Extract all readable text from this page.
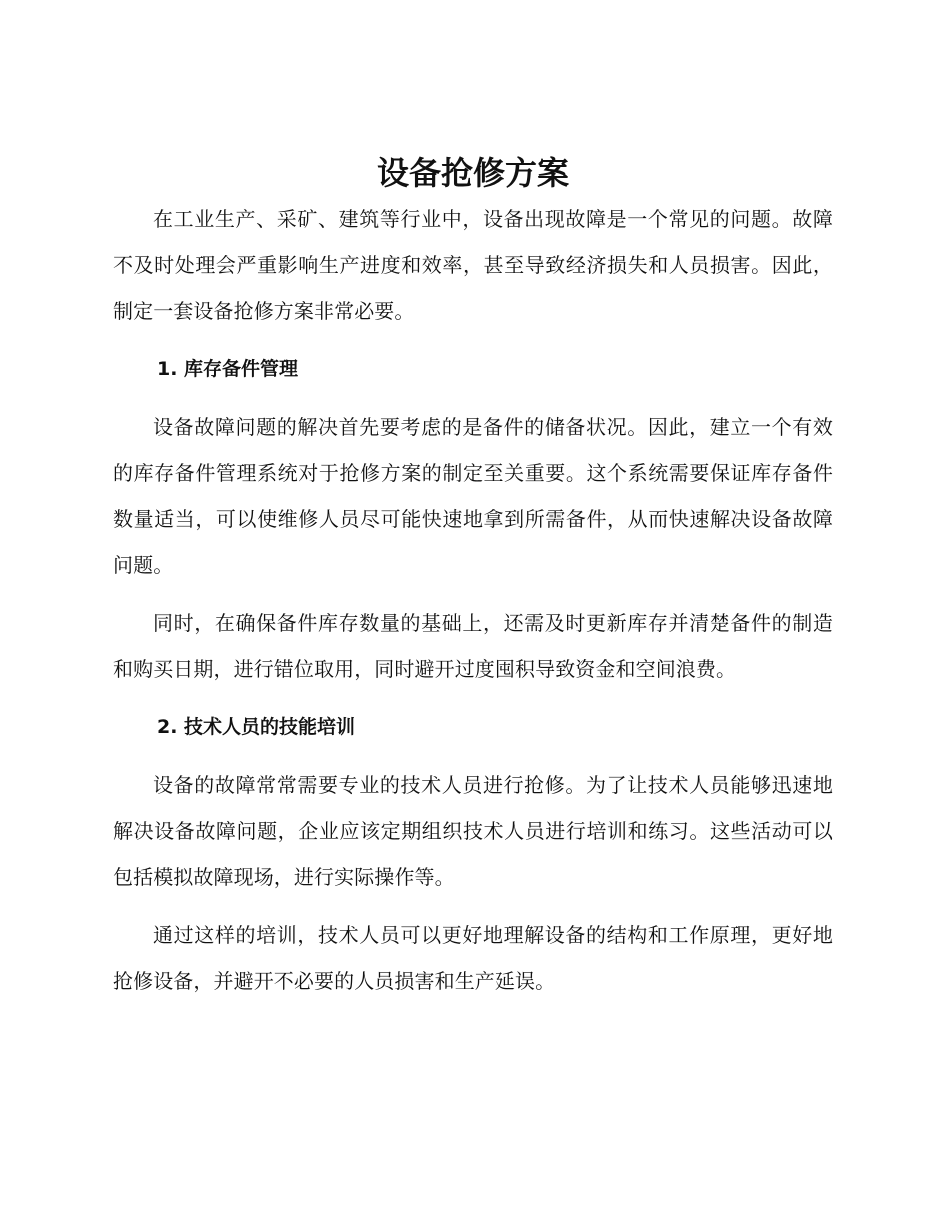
设备抢修方案

在工业生产、采矿、建筑等行业中，设备出现故障是一个常见的问题。故障不及时处理会严重影响生产进度和效率，甚至导致经济损失和人员损害。因此，制定一套设备抢修方案非常必要。

1. 库存备件管理

设备故障问题的解决首先要考虑的是备件的储备状况。因此，建立一个有效的库存备件管理系统对于抢修方案的制定至关重要。这个系统需要保证库存备件数量适当，可以使维修人员尽可能快速地拿到所需备件，从而快速解决设备故障问题。

同时，在确保备件库存数量的基础上，还需及时更新库存并清楚备件的制造和购买日期，进行错位取用，同时避开过度囤积导致资金和空间浪费。

2. 技术人员的技能培训

设备的故障常常需要专业的技术人员进行抢修。为了让技术人员能够迅速地解决设备故障问题，企业应该定期组织技术人员进行培训和练习。这些活动可以包括模拟故障现场，进行实际操作等。

通过这样的培训，技术人员可以更好地理解设备的结构和工作原理，更好地抢修设备，并避开不必要的人员损害和生产延误。
